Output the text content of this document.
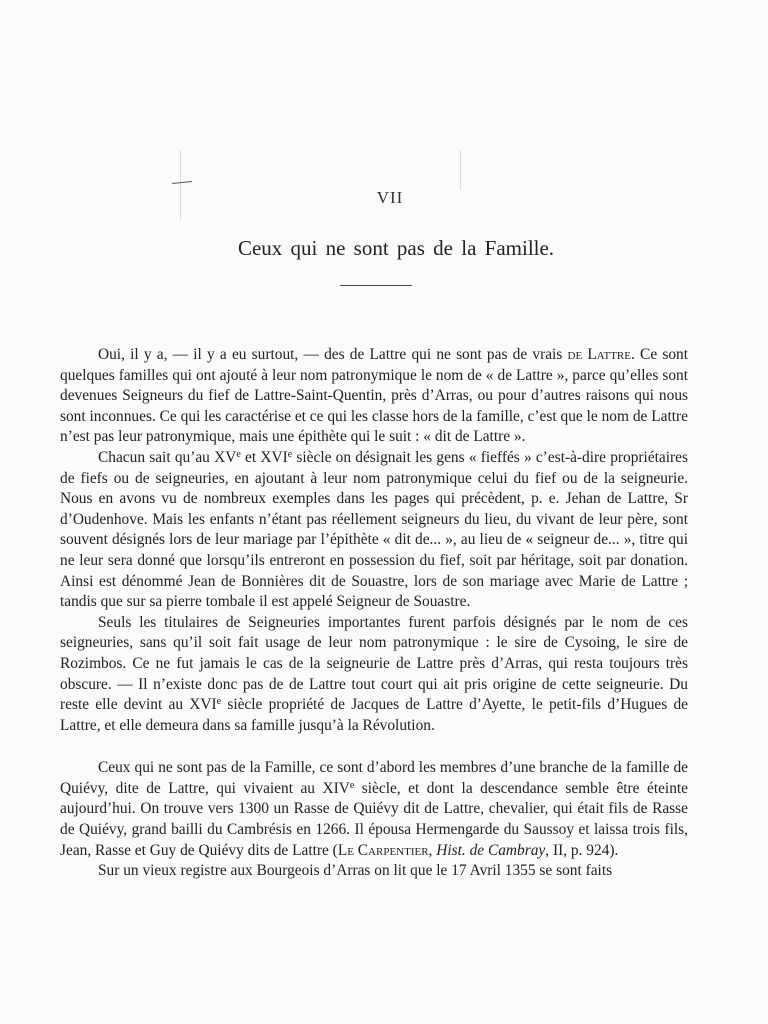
VII
Ceux qui ne sont pas de la Famille.

Oui, il y a, — il y a eu surtout, — des de Lattre qui ne sont pas de vrais de Lattre. Ce sont quelques familles qui ont ajouté à leur nom patronymique le nom de « de Lattre », parce qu’elles sont devenues Seigneurs du fief de Lattre-Saint-Quentin, près d’Arras, ou pour d’autres raisons qui nous sont inconnues. Ce qui les caractérise et ce qui les classe hors de la famille, c’est que le nom de Lattre n’est pas leur patronymique, mais une épithète qui le suit : « dit de Lattre ».

Chacun sait qu’au XVe et XVIe siècle on désignait les gens « fieffés » c’est-à-dire propriétaires de fiefs ou de seigneuries, en ajoutant à leur nom patronymique celui du fief ou de la seigneurie. Nous en avons vu de nombreux exemples dans les pages qui précèdent, p. e. Jehan de Lattre, Sr d’Oudenhove. Mais les enfants n’étant pas réellement seigneurs du lieu, du vivant de leur père, sont souvent désignés lors de leur mariage par l’épithète « dit de... », au lieu de « seigneur de... », titre qui ne leur sera donné que lorsqu’ils entreront en possession du fief, soit par héritage, soit par donation. Ainsi est dénommé Jean de Bonnières dit de Souastre, lors de son mariage avec Marie de Lattre ; tandis que sur sa pierre tombale il est appelé Seigneur de Souastre.

Seuls les titulaires de Seigneuries importantes furent parfois désignés par le nom de ces seigneuries, sans qu’il soit fait usage de leur nom patronymique : le sire de Cysoing, le sire de Rozimbos. Ce ne fut jamais le cas de la seigneurie de Lattre près d’Arras, qui resta toujours très obscure. — Il n’existe donc pas de de Lattre tout court qui ait pris origine de cette seigneurie. Du reste elle devint au XVIe siècle propriété de Jacques de Lattre d’Ayette, le petit-fils d’Hugues de Lattre, et elle demeura dans sa famille jusqu’à la Révolution.

Ceux qui ne sont pas de la Famille, ce sont d’abord les membres d’une branche de la famille de Quiévy, dite de Lattre, qui vivaient au XIVe siècle, et dont la descendance semble être éteinte aujourd’hui. On trouve vers 1300 un Rasse de Quiévy dit de Lattre, chevalier, qui était fils de Rasse de Quiévy, grand bailli du Cambrésis en 1266. Il épousa Hermengarde du Saussoy et laissa trois fils, Jean, Rasse et Guy de Quiévy dits de Lattre (Le Carpentier, Hist. de Cambray, II, p. 924).

Sur un vieux registre aux Bourgeois d’Arras on lit que le 17 Avril 1355 se sont faits
